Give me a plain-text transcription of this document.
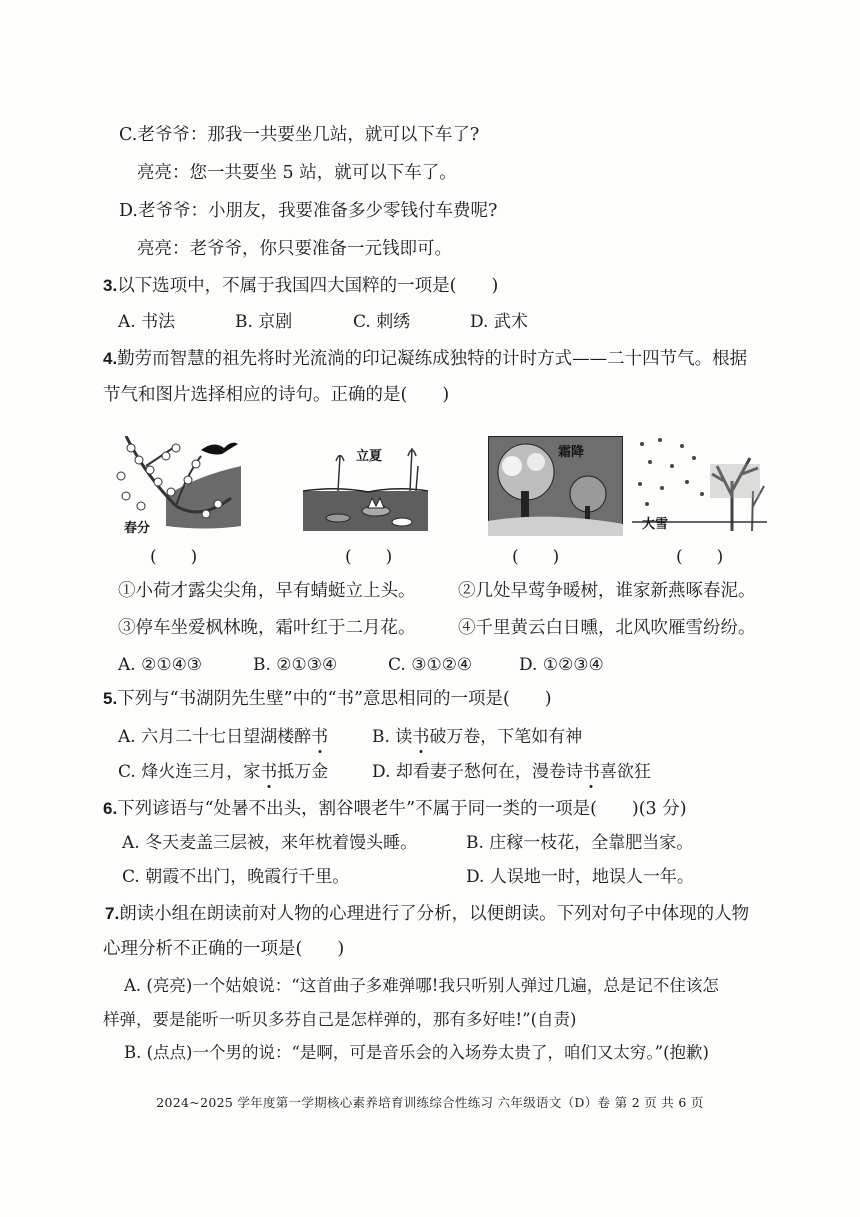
C.老爷爷：那我一共要坐几站，就可以下车了?
亮亮：您一共要坐 5 站，就可以下车了。
D.老爷爷：小朋友，我要准备多少零钱付车费呢?
亮亮：老爷爷，你只要准备一元钱即可。
3.以下选项中，不属于我国四大国粹的一项是(　　)
A. 书法	B. 京剧	C. 刺绣	D. 武术
4.勤劳而智慧的祖先将时光流淌的印记凝练成独特的计时方式——二十四节气。根据
节气和图片选择相应的诗句。正确的是(　　)
春分
立夏	霜降
大雪
(　　)	(　　)	(　　)	(　　)
①小荷才露尖尖角，早有蜻蜓立上头。 ②几处早莺争暖树，谁家新燕啄春泥。
③停车坐爱枫林晚，霜叶红于二月花。 ④千里黄云白日曛，北风吹雁雪纷纷。
A. ②①④③	B. ②①③④	C. ③①②④	D. ①②③④
5.下列与“书湖阴先生壁”中的“书”意思相同的一项是(　　)
A. 六月二十七日望湖楼醉书	B. 读书破万卷，下笔如有神
C. 烽火连三月，家书抵万金	D. 却看妻子愁何在，漫卷诗书喜欲狂
6.下列谚语与“处暑不出头，割谷喂老牛”不属于同一类的一项是(　　)(3 分)
A. 冬天麦盖三层被，来年枕着馒头睡。	B. 庄稼一枝花，全靠肥当家。
C. 朝霞不出门，晚霞行千里。	D. 人误地一时，地误人一年。
7.朗读小组在朗读前对人物的心理进行了分析，以便朗读。下列对句子中体现的人物
心理分析不正确的一项是(　　)
A. (亮亮)一个姑娘说：“这首曲子多难弹哪!我只听别人弹过几遍，总是记不住该怎
样弹，要是能听一听贝多芬自己是怎样弹的，那有多好哇!”(自责)
B. (点点)一个男的说：“是啊，可是音乐会的入场券太贵了，咱们又太穷。”(抱歉)
2024~2025 学年度第一学期核心素养培育训练综合性练习 六年级语文（D）卷 第 2 页 共 6 页
